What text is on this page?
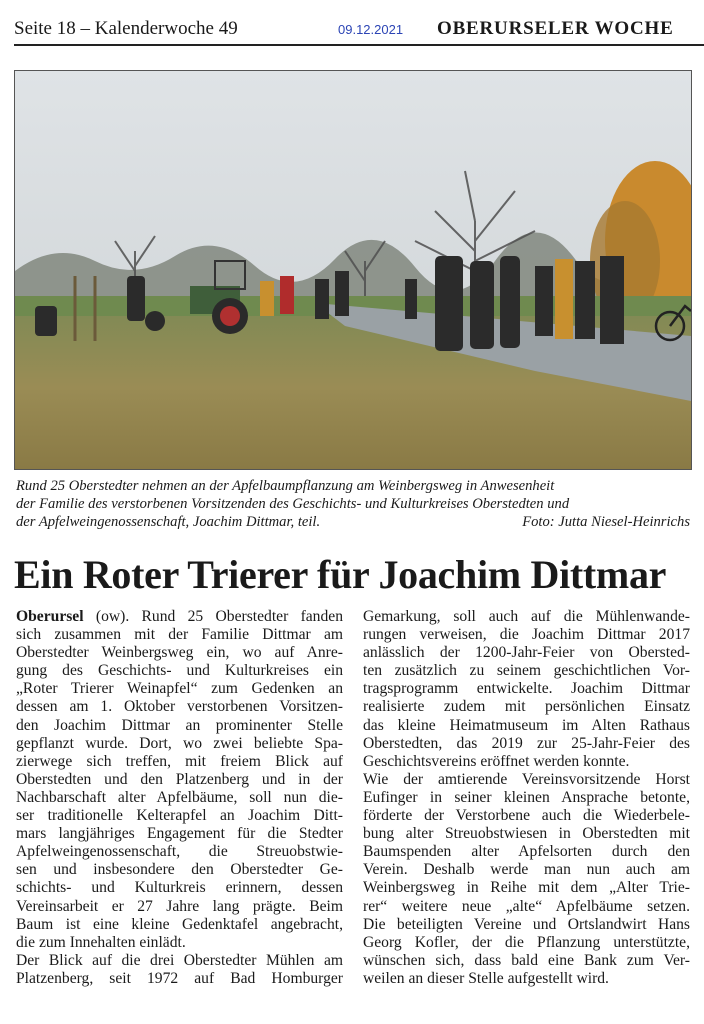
Seite 18 – Kalenderwoche 49	09.12.2021 OBERURSELER WOCHE
Rund 25 Oberstedter nehmen an der Apfelbaumpflanzung am Weinbergsweg in Anwesenheit
der Familie des verstorbenen Vorsitzenden des Geschichts- und Kulturkreises Oberstedten und
der Apfelweingenossenschaft, Joachim Dittmar, teil.	Foto: Jutta Niesel-Heinrichs
Ein Roter Trierer für Joachim Dittmar
Oberursel (ow). Rund 25 Oberstedter fanden
sich zusammen mit der Familie Dittmar am
Oberstedter Weinbergsweg ein, wo auf Anre-
gung des Geschichts- und Kulturkreises ein
„Roter Trierer Weinapfel“ zum Gedenken an
dessen am 1. Oktober verstorbenen Vorsitzen-
den Joachim Dittmar an prominenter Stelle
gepflanzt wurde. Dort, wo zwei beliebte Spa-
zierwege sich treffen, mit freiem Blick auf
Oberstedten und den Platzenberg und in der
Nachbarschaft alter Apfelbäume, soll nun die-
ser traditionelle Kelterapfel an Joachim Ditt-
mars langjähriges Engagement für die Stedter
Apfelweingenossenschaft, die Streuobstwie-
sen und insbesondere den Oberstedter Ge-
schichts- und Kulturkreis erinnern, dessen
Vereinsarbeit er 27 Jahre lang prägte. Beim
Baum ist eine kleine Gedenktafel angebracht,
die zum Innehalten einlädt.
Der Blick auf die drei Oberstedter Mühlen am
Platzenberg, seit 1972 auf Bad Homburger
Gemarkung, soll auch auf die Mühlenwande-
rungen verweisen, die Joachim Dittmar 2017
anlässlich der 1200-Jahr-Feier von Obersted-
ten zusätzlich zu seinem geschichtlichen Vor-
tragsprogramm entwickelte. Joachim Dittmar
realisierte zudem mit persönlichen Einsatz
das kleine Heimatmuseum im Alten Rathaus
Oberstedten, das 2019 zur 25-Jahr-Feier des
Geschichtsvereins eröffnet werden konnte.
Wie der amtierende Vereinsvorsitzende Horst
Eufinger in seiner kleinen Ansprache betonte,
förderte der Verstorbene auch die Wiederbele-
bung alter Streuobstwiesen in Oberstedten mit
Baumspenden alter Apfelsorten durch den
Verein. Deshalb werde man nun auch am
Weinbergsweg in Reihe mit dem „Alter Trie-
rer“ weitere neue „alte“ Apfelbäume setzen.
Die beteiligten Vereine und Ortslandwirt Hans
Georg Kofler, der die Pflanzung unterstützte,
wünschen sich, dass bald eine Bank zum Ver-
weilen an dieser Stelle aufgestellt wird.
